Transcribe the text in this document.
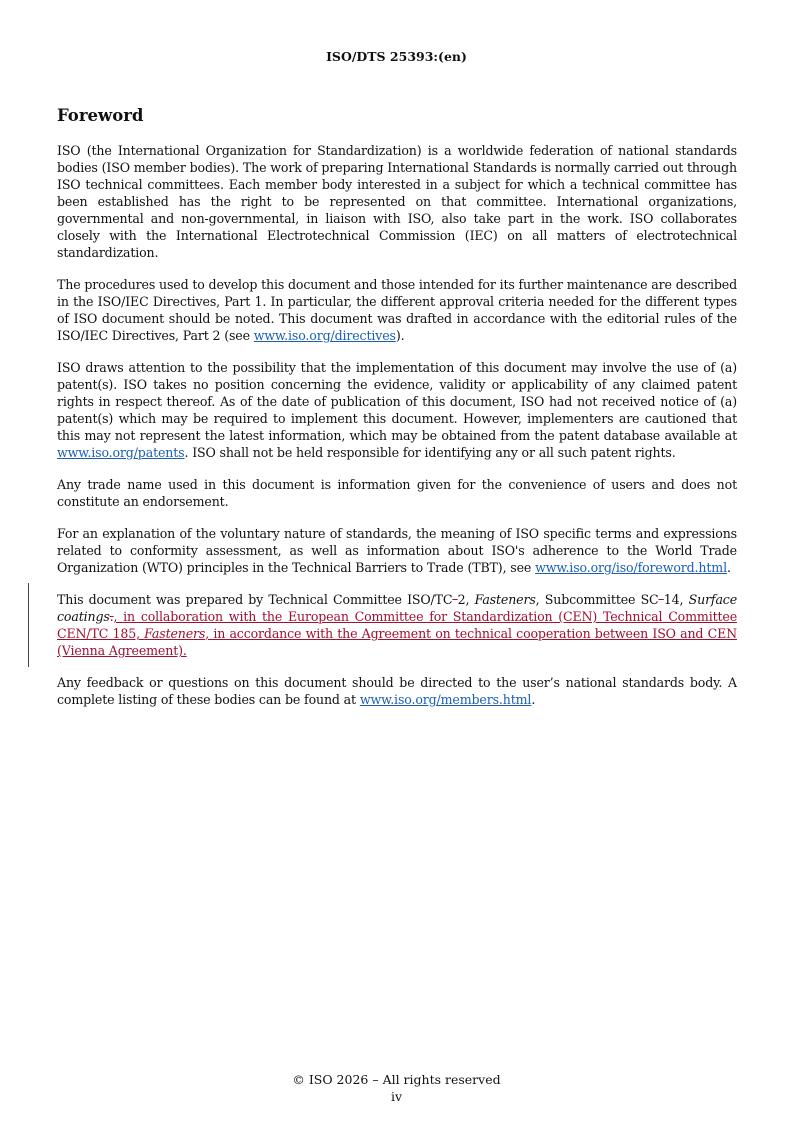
ISO/DTS 25393:(en)
Foreword

ISO (the International Organization for Standardization) is a worldwide federation of national standards bodies (ISO member bodies). The work of preparing International Standards is normally carried out through ISO technical committees. Each member body interested in a subject for which a technical committee has been established has the right to be represented on that committee. International organizations, governmental and non-governmental, in liaison with ISO, also take part in the work. ISO collaborates closely with the International Electrotechnical Commission (IEC) on all matters of electrotechnical standardization.

The procedures used to develop this document and those intended for its further maintenance are described in the ISO/IEC Directives, Part 1. In particular, the different approval criteria needed for the different types of ISO document should be noted. This document was drafted in accordance with the editorial rules of the ISO/IEC Directives, Part 2 (see www.iso.org/directives).

ISO draws attention to the possibility that the implementation of this document may involve the use of (a) patent(s). ISO takes no position concerning the evidence, validity or applicability of any claimed patent rights in respect thereof. As of the date of publication of this document, ISO had not received notice of (a) patent(s) which may be required to implement this document. However, implementers are cautioned that this may not represent the latest information, which may be obtained from the patent database available at www.iso.org/patents. ISO shall not be held responsible for identifying any or all such patent rights.

Any trade name used in this document is information given for the convenience of users and does not constitute an endorsement.

For an explanation of the voluntary nature of standards, the meaning of ISO specific terms and expressions related to conformity assessment, as well as information about ISO's adherence to the World Trade Organization (WTO) principles in the Technical Barriers to Trade (TBT), see www.iso.org/iso/foreword.html.

This document was prepared by Technical Committee ISO/TC 2, Fasteners, Subcommittee SC 14, Surface coatings., in collaboration with the European Committee for Standardization (CEN) Technical Committee CEN/TC 185, Fasteners, in accordance with the Agreement on technical cooperation between ISO and CEN (Vienna Agreement).

Any feedback or questions on this document should be directed to the user’s national standards body. A complete listing of these bodies can be found at www.iso.org/members.html.

© ISO 2026 – All rights reserved
iv
